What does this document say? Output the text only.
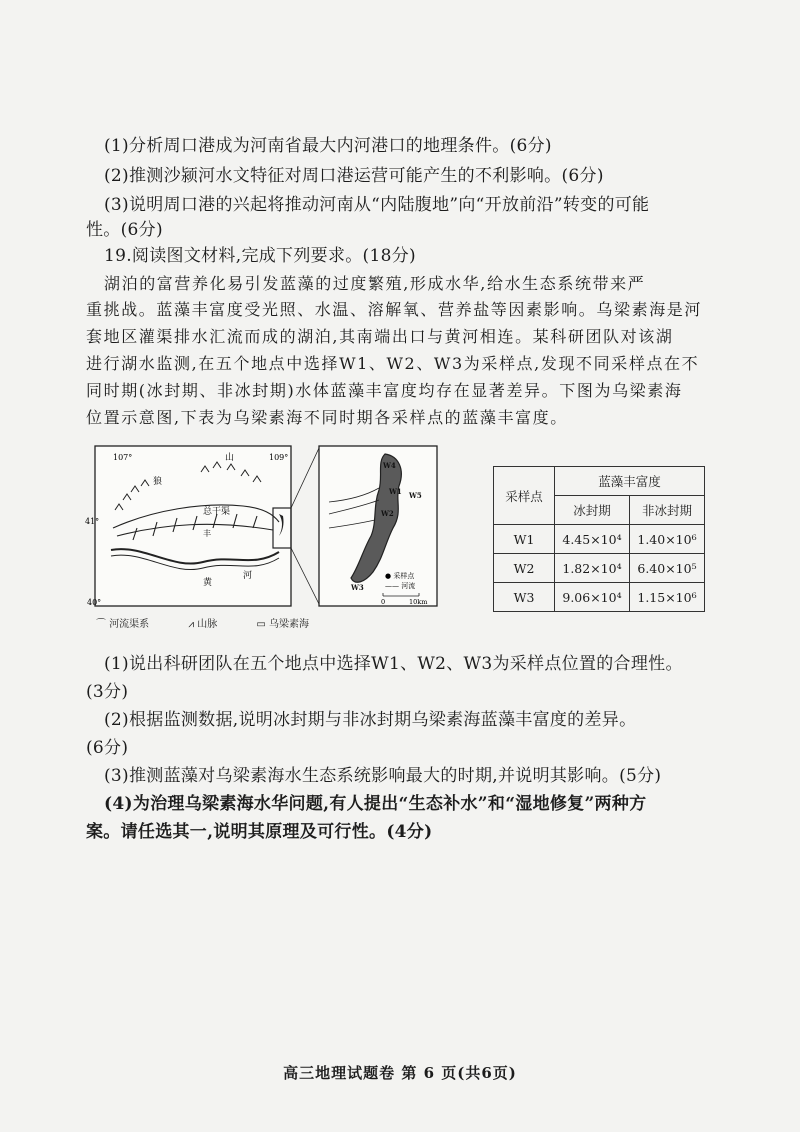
(1)分析周口港成为河南省最大内河港口的地理条件。(6分)
(2)推测沙颍河水文特征对周口港运营可能产生的不利影响。(6分)
(3)说明周口港的兴起将推动河南从“内陆腹地”向“开放前沿”转变的可能
性。(6分)
19.阅读图文材料,完成下列要求。(18分)
湖泊的富营养化易引发蓝藻的过度繁殖,形成水华,给水生态系统带来严
重挑战。蓝藻丰富度受光照、水温、溶解氧、营养盐等因素影响。乌梁素海是河
套地区灌渠排水汇流而成的湖泊,其南端出口与黄河相连。某科研团队对该湖
进行湖水监测,在五个地点中选择W1、W2、W3为采样点,发现不同采样点在不
同时期(冰封期、非冰封期)水体蓝藻丰富度均存在显著差异。下图为乌梁素海
位置示意图,下表为乌梁素海不同时期各采样点的蓝藻丰富度。
107°	109°
41°
40°
山
狼
总干渠
丰
黄
河
W4
W1 W5
W2
W3
● 采样点
—— 河流
0	10km
⌒ 河流渠系	⩘ 山脉	▭ 乌梁素海
采样点	蓝藻丰富度	
	冰封期	非冰封期
W1	4.45×10⁴	1.40×10⁶
W2	1.82×10⁴	6.40×10⁵
W3	9.06×10⁴	1.15×10⁶
(1)说出科研团队在五个地点中选择W1、W2、W3为采样点位置的合理性。
(3分)
(2)根据监测数据,说明冰封期与非冰封期乌梁素海蓝藻丰富度的差异。
(6分)
(3)推测蓝藻对乌梁素海水生态系统影响最大的时期,并说明其影响。(5分)
(4)为治理乌梁素海水华问题,有人提出“生态补水”和“湿地修复”两种方
案。请任选其一,说明其原理及可行性。(4分)
高三地理试题卷 第 6 页(共6页)
